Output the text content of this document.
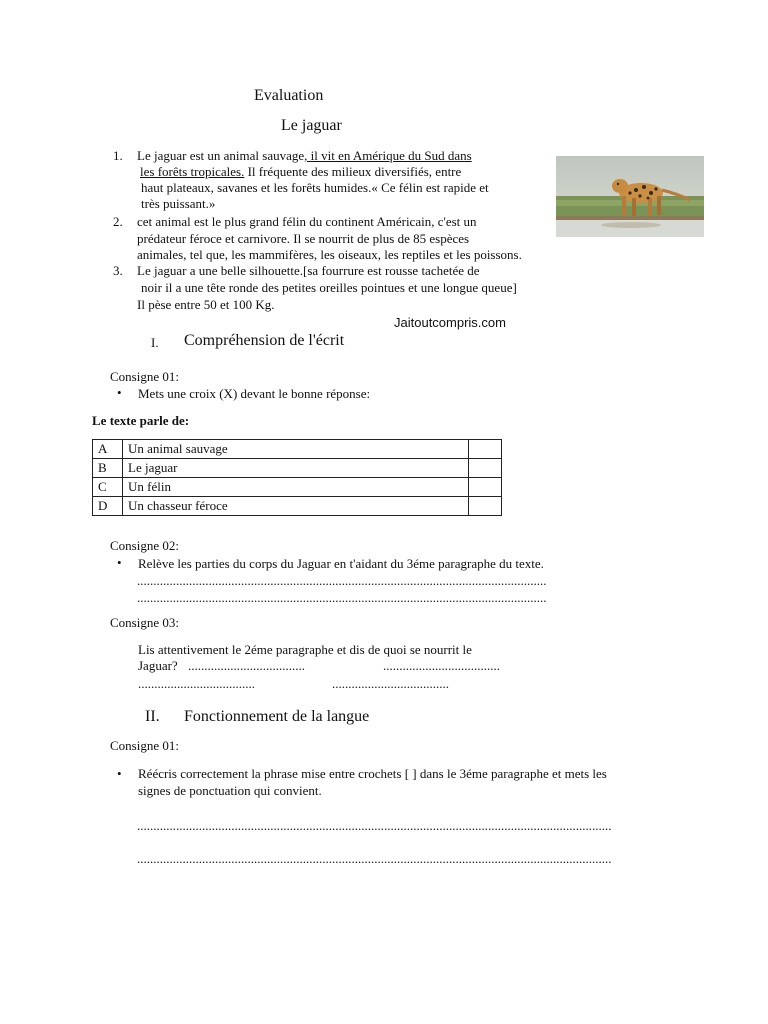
Evaluation
Le jaguar
1. Le jaguar est un animal sauvage, il vit en Amérique du Sud dans
les forêts tropicales. Il fréquente des milieux diversifiés, entre
haut plateaux, savanes et les forêts humides.« Ce félin est rapide et
très puissant.»
2. cet animal est le plus grand félin du continent Américain, c'est un
prédateur féroce et carnivore. Il se nourrit de plus de 85 espèces
animales, tel que, les mammifères, les oiseaux, les reptiles et les poissons.
3. Le jaguar a une belle silhouette.[sa fourrure est rousse tachetée de
noir il a une tête ronde des petites oreilles pointues et une longue queue]
Il pèse entre 50 et 100 Kg.
Jaitoutcompris.com
I. Compréhension de l'écrit
Consigne 01:
• Mets une croix (X) devant le bonne réponse:
Le texte parle de:
A	Un animal sauvage	
B	Le jaguar	
C	Un félin	
D	Un chasseur féroce	
Consigne 02:
• Relève les parties du corps du Jaguar en t'aidant du 3éme paragraphe du texte.
..............................................................................................................................
..............................................................................................................................
Consigne 03:
Lis attentivement le 2éme paragraphe et dis de quoi se nourrit le
Jaguar? ....................................	....................................
....................................	....................................
II. Fonctionnement de la langue
Consigne 01:
• Réécris correctement la phrase mise entre crochets [ ] dans le 3éme paragraphe et mets les
signes de ponctuation qui convient.
..................................................................................................................................................
..................................................................................................................................................
